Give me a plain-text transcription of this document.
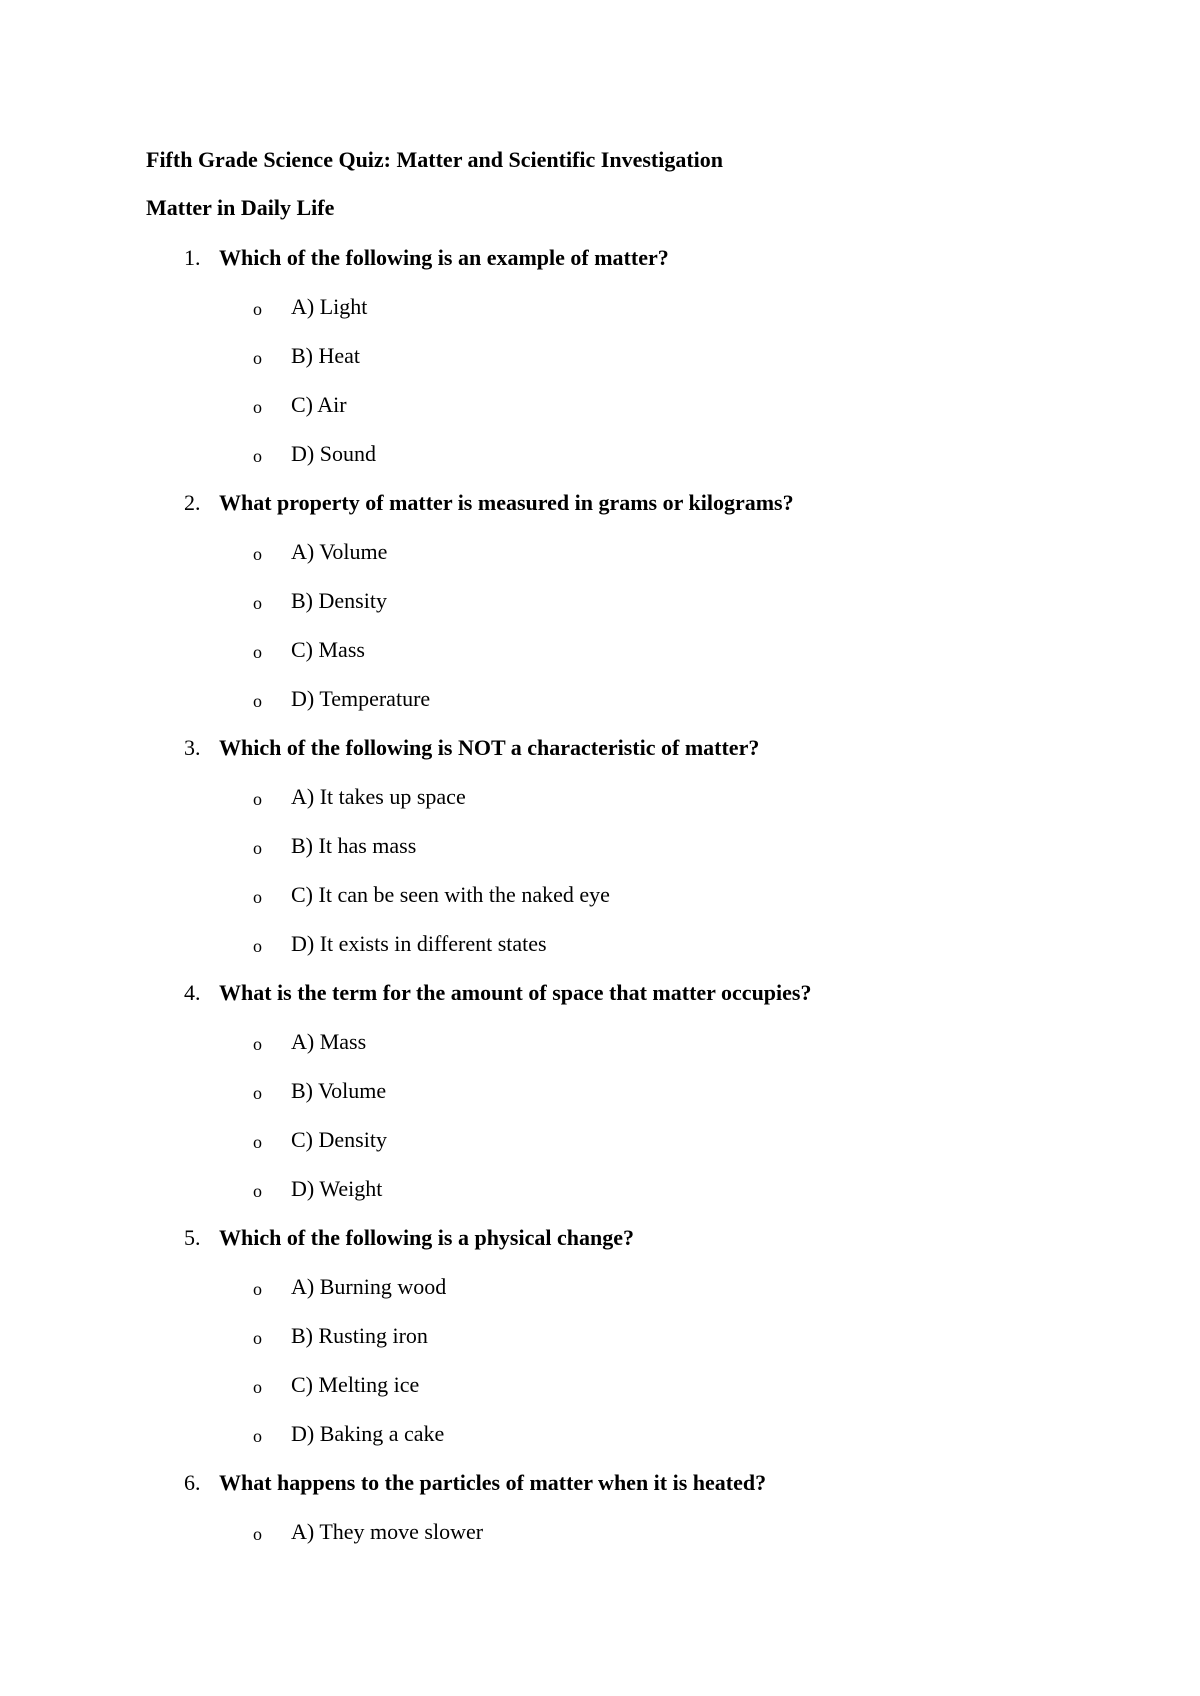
Fifth Grade Science Quiz: Matter and Scientific Investigation
Matter in Daily Life
1. Which of the following is an example of matter?
o A) Light
o B) Heat
o C) Air
o D) Sound
2. What property of matter is measured in grams or kilograms?
o A) Volume
o B) Density
o C) Mass
o D) Temperature
3. Which of the following is NOT a characteristic of matter?
o A) It takes up space
o B) It has mass
o C) It can be seen with the naked eye
o D) It exists in different states
4. What is the term for the amount of space that matter occupies?
o A) Mass
o B) Volume
o C) Density
o D) Weight
5. Which of the following is a physical change?
o A) Burning wood
o B) Rusting iron
o C) Melting ice
o D) Baking a cake
6. What happens to the particles of matter when it is heated?
o A) They move slower
